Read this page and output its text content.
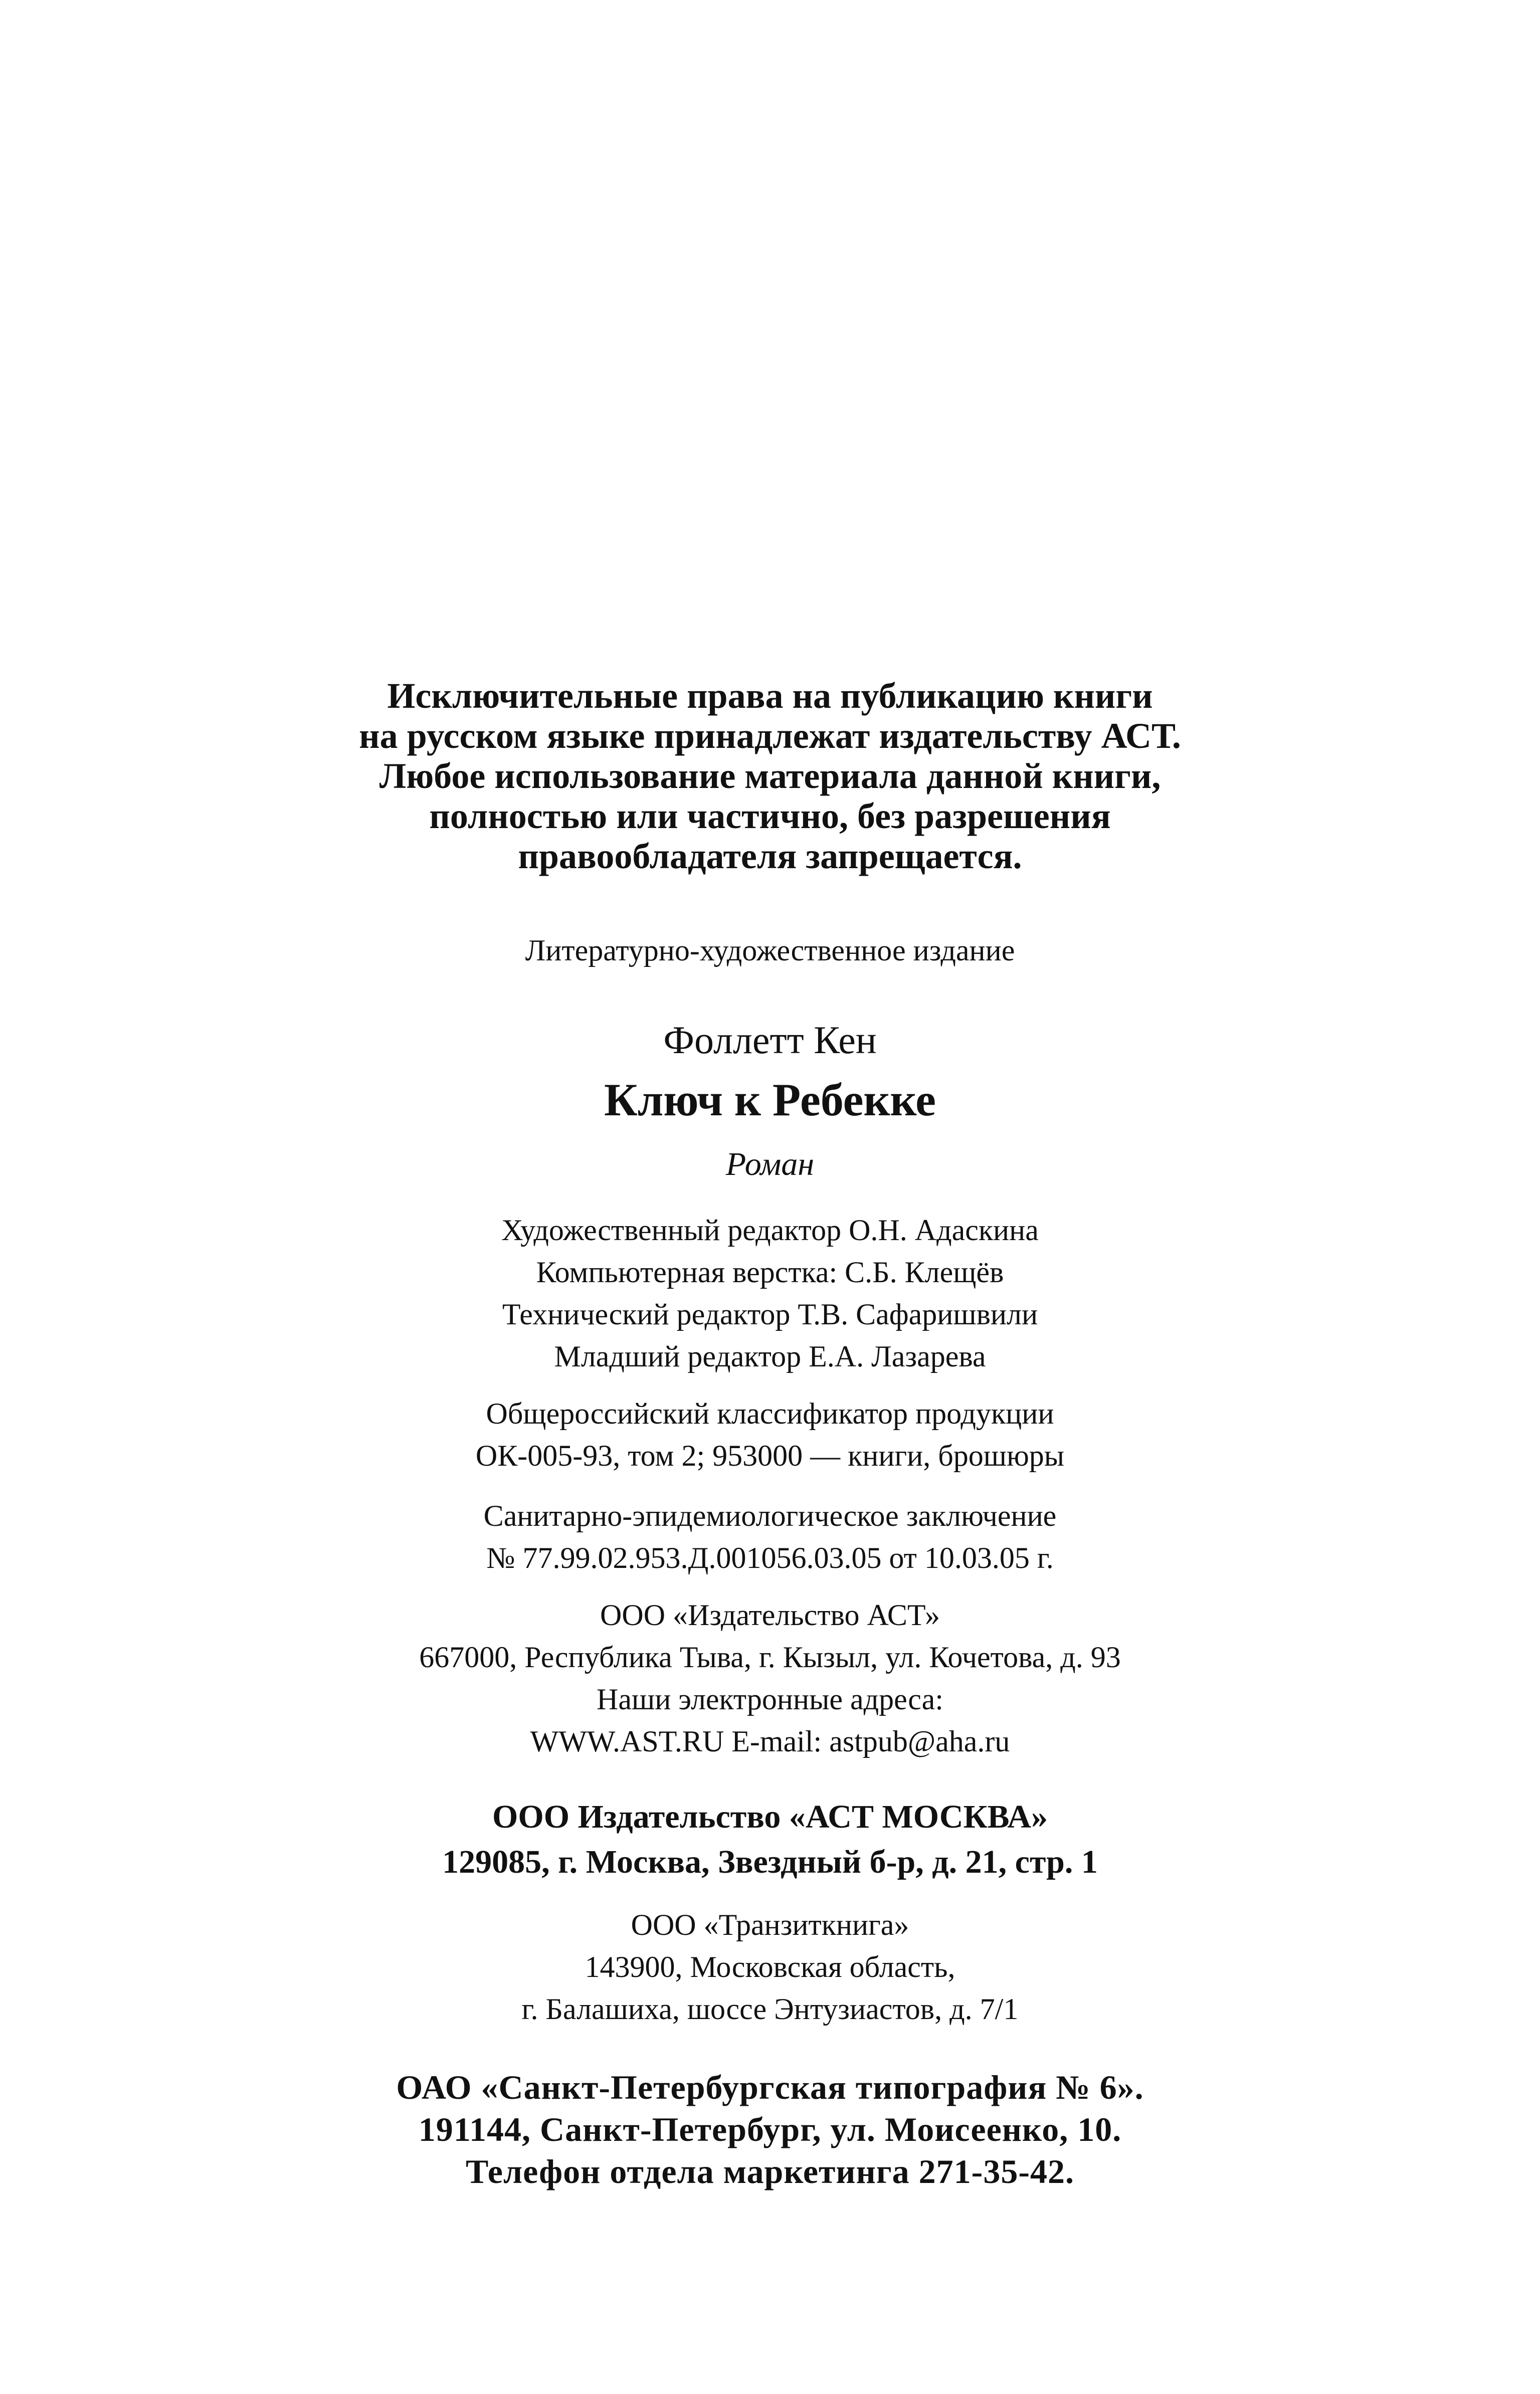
Исключительные права на публикацию книги
на русском языке принадлежат издательству АСТ.
Любое использование материала данной книги,
полностью или частично, без разрешения
правообладателя запрещается.
Литературно-художественное издание
Фоллетт Кен
Ключ к Ребекке
Роман
Художественный редактор О.Н. Адаскина
Компьютерная верстка: С.Б. Клещёв
Технический редактор Т.В. Сафаришвили
Младший редактор Е.А. Лазарева
Общероссийский классификатор продукции
ОК-005-93, том 2; 953000 — книги, брошюры
Санитарно-эпидемиологическое заключение
№ 77.99.02.953.Д.001056.03.05 от 10.03.05 г.
ООО «Издательство АСТ»
667000, Республика Тыва, г. Кызыл, ул. Кочетова, д. 93
Наши электронные адреса:
WWW.AST.RU E-mail: astpub@aha.ru
ООО Издательство «АСТ МОСКВА»
129085, г. Москва, Звездный б-р, д. 21, стр. 1
ООО «Транзиткнига»
143900, Московская область,
г. Балашиха, шоссе Энтузиастов, д. 7/1
ОАО «Санкт-Петербургская типография № 6».
191144, Санкт-Петербург, ул. Моисеенко, 10.
Телефон отдела маркетинга 271-35-42.
